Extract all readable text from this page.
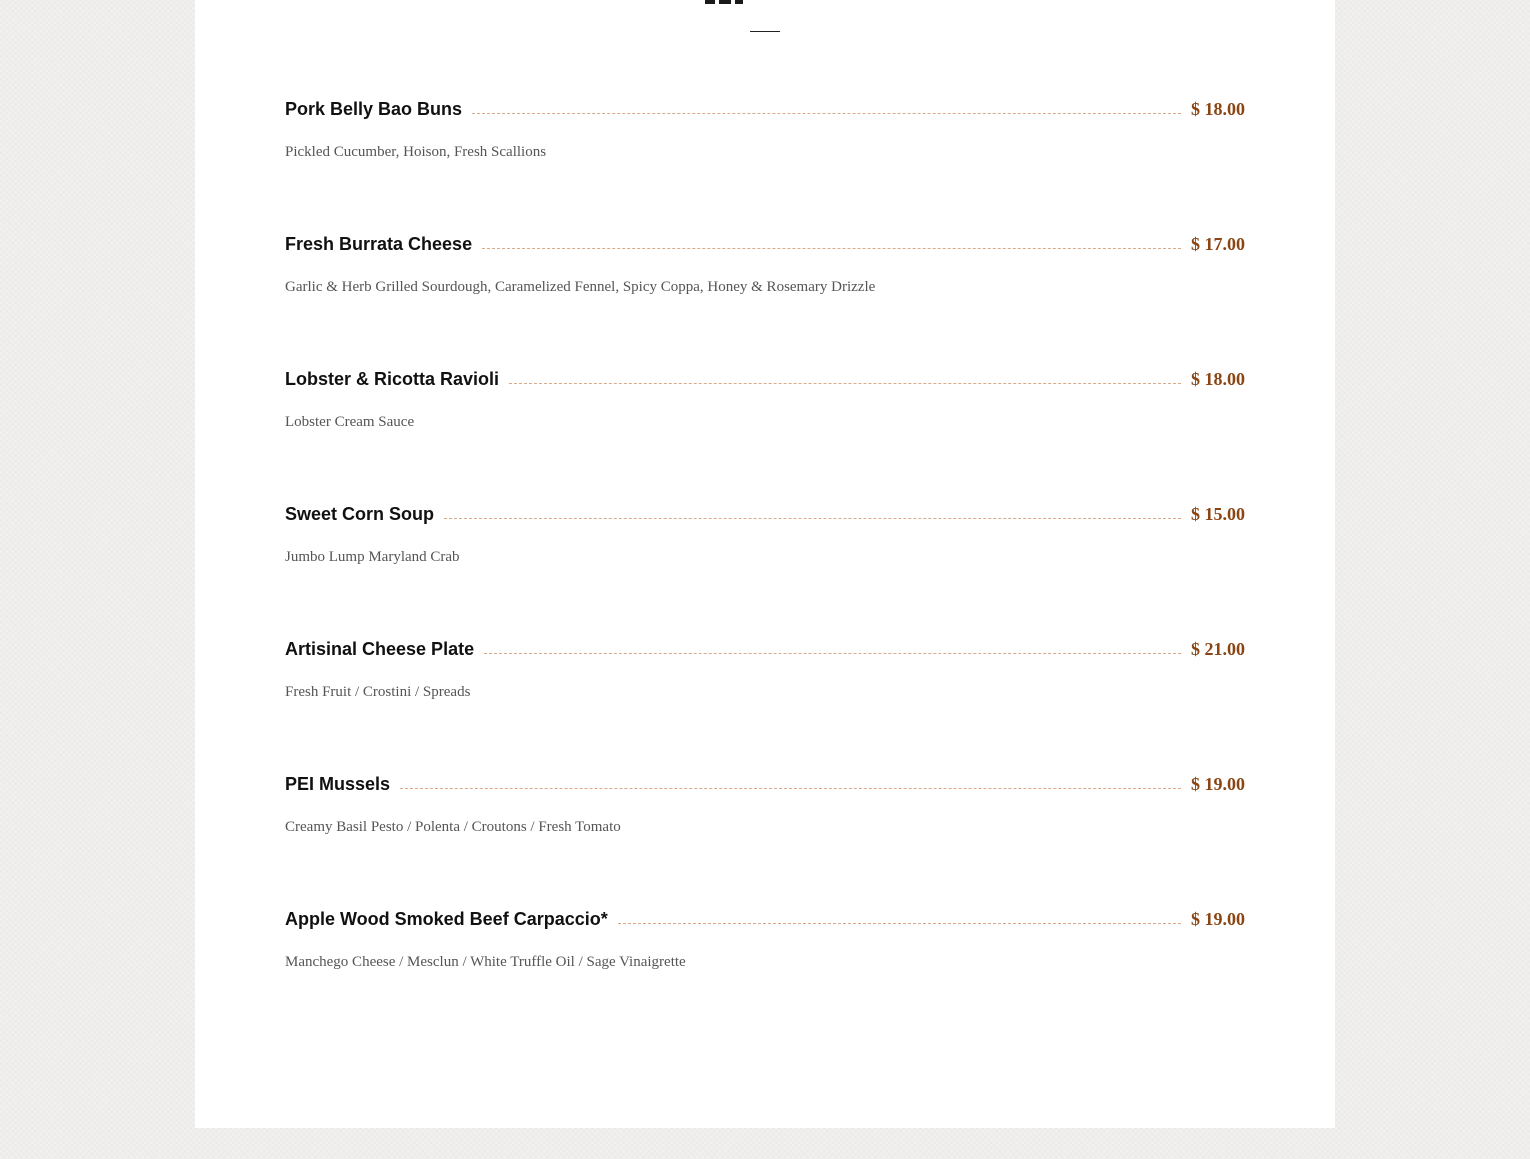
Pork Belly Bao Buns	$ 18.00
Pickled Cucumber, Hoison, Fresh Scallions
Fresh Burrata Cheese	$ 17.00
Garlic & Herb Grilled Sourdough, Caramelized Fennel, Spicy Coppa, Honey & Rosemary Drizzle
Lobster & Ricotta Ravioli	$ 18.00
Lobster Cream Sauce
Sweet Corn Soup	$ 15.00
Jumbo Lump Maryland Crab
Artisinal Cheese Plate	$ 21.00
Fresh Fruit / Crostini / Spreads
PEI Mussels	$ 19.00
Creamy Basil Pesto / Polenta / Croutons / Fresh Tomato
Apple Wood Smoked Beef Carpaccio*	$ 19.00
Manchego Cheese / Mesclun / White Truffle Oil / Sage Vinaigrette
